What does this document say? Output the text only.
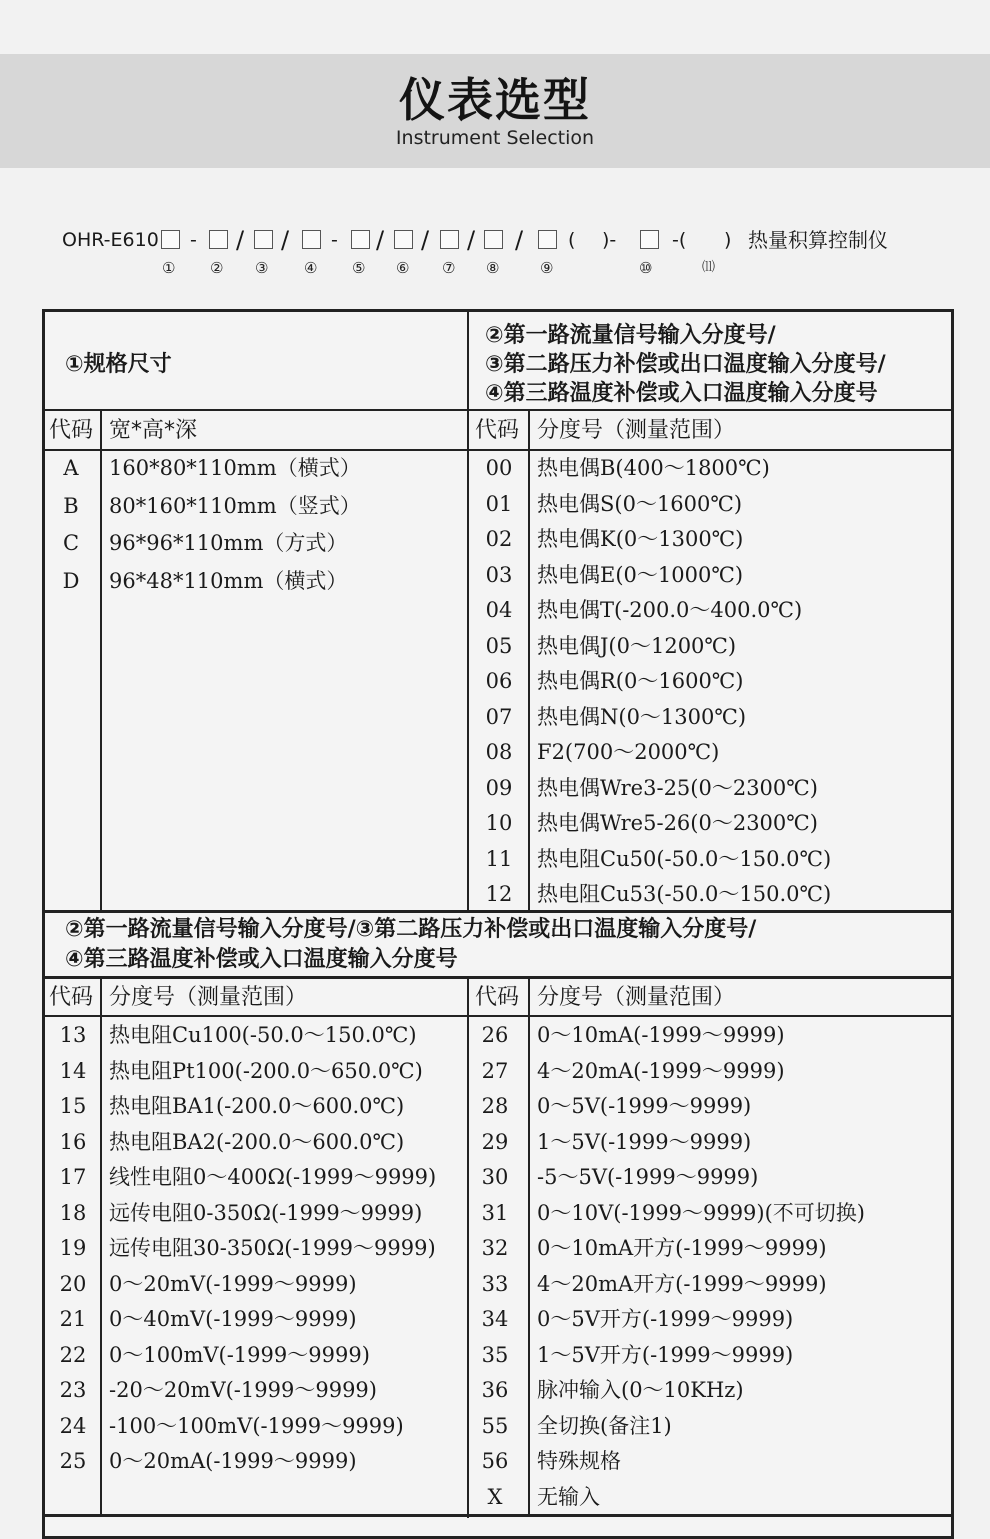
仪表选型
Instrument Selection
OHR-E610 - / / - / / / / ( )-	-( ) 热量积算控制仪
① ② ③ ④ ⑤ ⑥ ⑦ ⑧	⑨	⑩	⑾
①规格尺寸
②第一路流量信号输入分度号/
③第二路压力补偿或出口温度输入分度号/
④第三路温度补偿或入口温度输入分度号
代码 宽*高*深	代码 分度号（测量范围）
A	160*80*110mm（横式）
B	80*160*110mm（竖式）
C	96*96*110mm（方式）
D	96*48*110mm（横式）
00	热电偶B(400～1800℃)
01	热电偶S(0～1600℃)
02	热电偶K(0～1300℃)
03	热电偶E(0～1000℃)
04	热电偶T(-200.0～400.0℃)
05	热电偶J(0～1200℃)
06	热电偶R(0～1600℃)
07	热电偶N(0～1300℃)
08	F2(700～2000℃)
09	热电偶Wre3-25(0～2300℃)
10	热电偶Wre5-26(0～2300℃)
11	热电阻Cu50(-50.0～150.0℃)
12	热电阻Cu53(-50.0～150.0℃)
②第一路流量信号输入分度号/③第二路压力补偿或出口温度输入分度号/
④第三路温度补偿或入口温度输入分度号
代码 分度号（测量范围）	代码 分度号（测量范围）
13	热电阻Cu100(-50.0～150.0℃)
14	热电阻Pt100(-200.0～650.0℃)
15	热电阻BA1(-200.0～600.0℃)
16	热电阻BA2(-200.0～600.0℃)
17	线性电阻0～400Ω(-1999～9999)
18	远传电阻0-350Ω(-1999～9999)
19	远传电阻30-350Ω(-1999～9999)
20	0～20mV(-1999～9999)
21	0～40mV(-1999～9999)
22	0～100mV(-1999～9999)
23	-20～20mV(-1999～9999)
24	-100～100mV(-1999～9999)
25	0～20mA(-1999～9999)
26	0～10mA(-1999～9999)
27	4～20mA(-1999～9999)
28	0～5V(-1999～9999)
29	1～5V(-1999～9999)
30	-5～5V(-1999～9999)
31	0～10V(-1999～9999)(不可切换)
32	0～10mA开方(-1999～9999)
33	4～20mA开方(-1999～9999)
34	0～5V开方(-1999～9999)
35	1～5V开方(-1999～9999)
36	脉冲输入(0～10KHz)
55	全切换(备注1)
56	特殊规格
X	无输入
